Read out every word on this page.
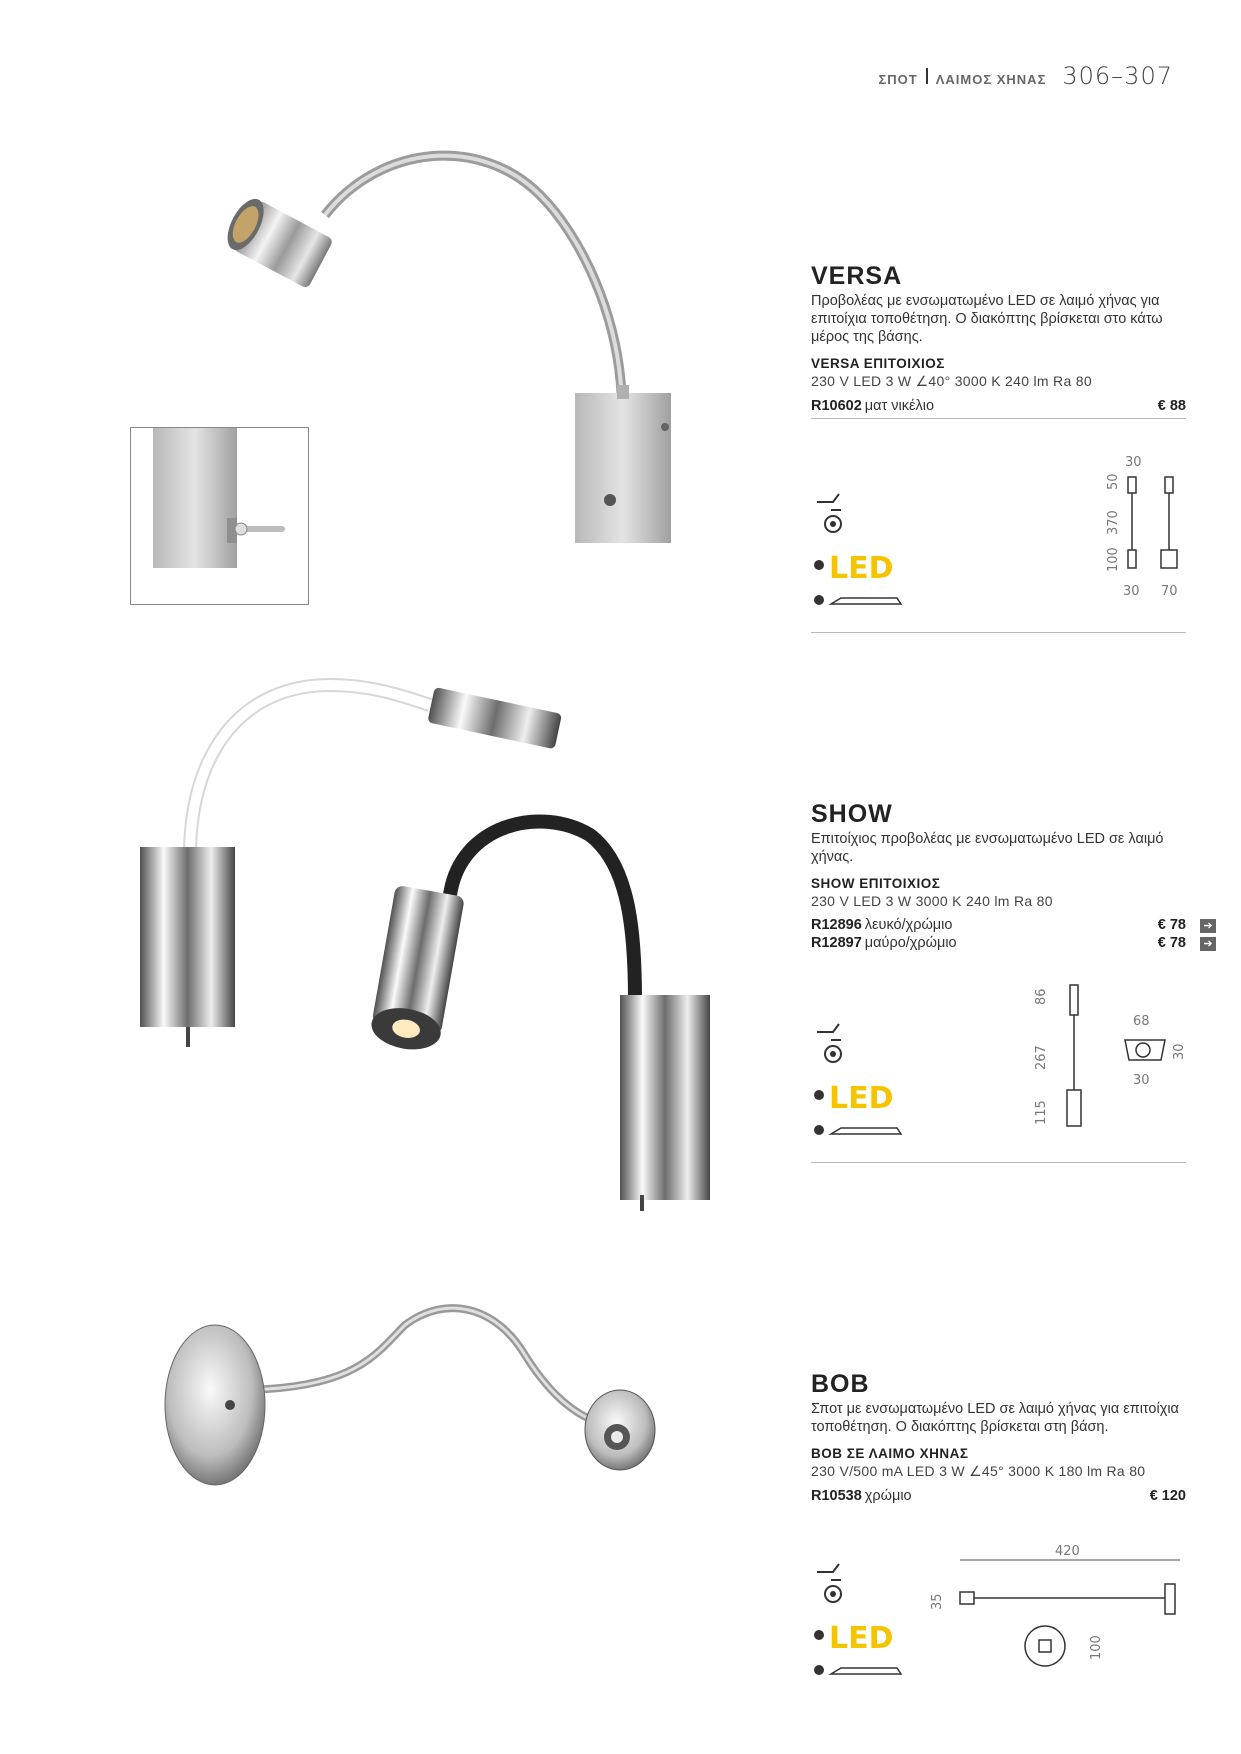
ΣΠΟΤ ΛΑΙΜΟΣ ΧΗΝΑΣ 306–307
VERSA
Προβολέας με ενσωματωμένο LED σε λαιμό χήνας για επιτοίχια τοποθέτηση. Ο διακόπτης βρίσκεται στο κάτω μέρος της βάσης.
VERSA ΕΠΙΤΟΙΧΙΟΣ
230 V LED 3 W ∠40° 3000 K 240 lm Ra 80
R10602 ματ νικέλιο	€ 88
LED
30
50
370
100
30 70
SHOW
Επιτοίχιος προβολέας με ενσωματωμένο LED σε λαιμό χήνας.
SHOW ΕΠΙΤΟΙΧΙΟΣ
230 V LED 3 W 3000 K 240 lm Ra 80
R12896 λευκό/χρώμιο	€ 78	➔
R12897 μαύρο/χρώμιο	€ 78	➔
LED
86
267
115
68
30
30
BOB
Σποτ με ενσωματωμένο LED σε λαιμό χήνας για επιτοίχια τοποθέτηση. Ο διακόπτης βρίσκεται στη βάση.
BOB ΣΕ ΛΑΙΜΟ ΧΗΝΑΣ
230 V/500 mA LED 3 W ∠45° 3000 K 180 lm Ra 80
R10538 χρώμιο	€ 120
LED
420
35
100
